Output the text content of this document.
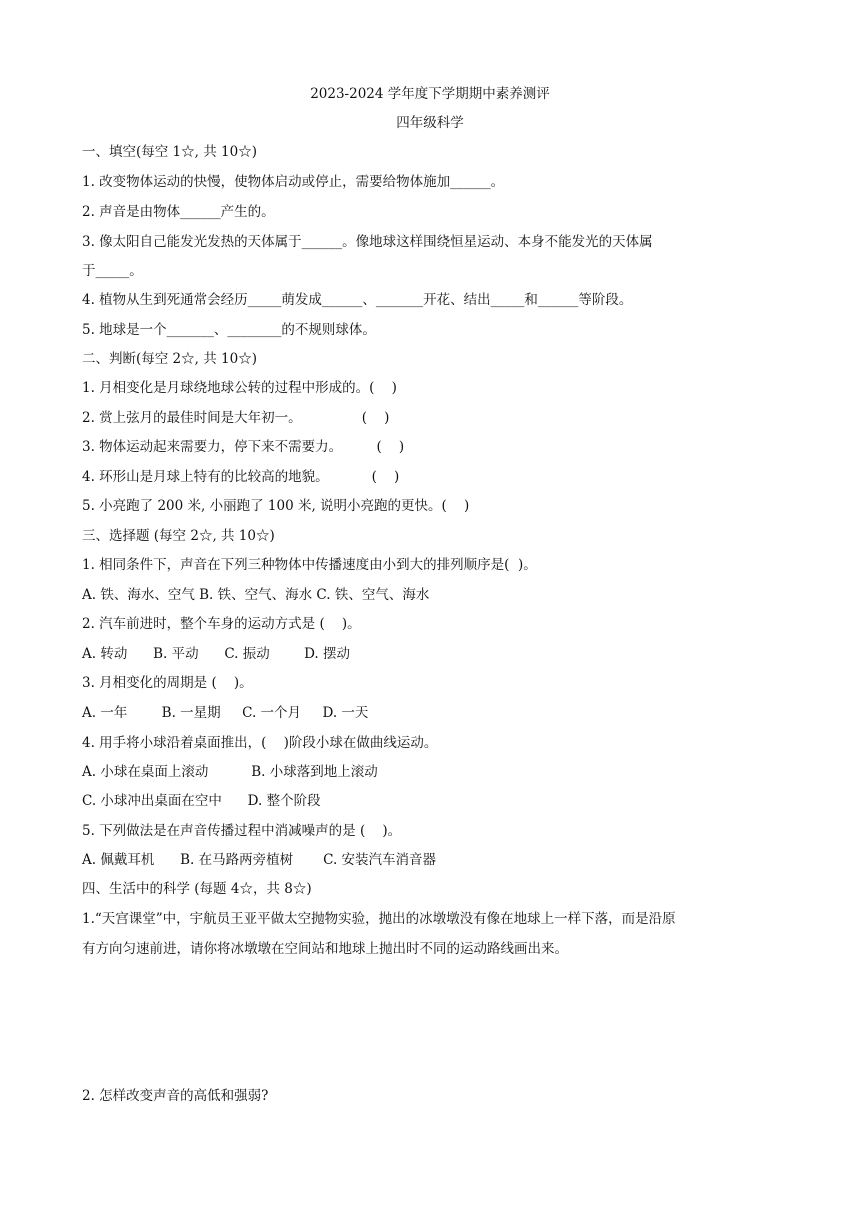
2023-2024 学年度下学期期中素养测评
四年级科学
一、填空(每空 1☆, 共 10☆)
1. 改变物体运动的快慢，使物体启动或停止，需要给物体施加______。
2. 声音是由物体______产生的。
3. 像太阳自己能发光发热的天体属于______。像地球这样围绕恒星运动、本身不能发光的天体属
于_____。
4. 植物从生到死通常会经历_____萌发成______、_______开花、结出_____和______等阶段。
5. 地球是一个_______、________的不规则球体。
二、判断(每空 2☆, 共 10☆)
1. 月相变化是月球绕地球公转的过程中形成的。(    )
2. 赏上弦月的最佳时间是大年初一。              (    )
3. 物体运动起来需要力，停下来不需要力。        (    )
4. 环形山是月球上特有的比较高的地貌。          (    )
5. 小亮跑了 200 米, 小丽跑了 100 米, 说明小亮跑的更快。(    )
三、选择题 (每空 2☆, 共 10☆)
1. 相同条件下，声音在下列三种物体中传播速度由小到大的排列顺序是(  )。
A. 铁、海水、空气 B. 铁、空气、海水 C. 铁、空气、海水
2. 汽车前进时，整个车身的运动方式是 (    )。
A. 转动      B. 平动      C. 振动        D. 摆动
3. 月相变化的周期是 (    )。
A. 一年        B. 一星期     C. 一个月     D. 一天
4. 用手将小球沿着桌面推出，(    )阶段小球在做曲线运动。
A. 小球在桌面上滚动          B. 小球落到地上滚动
C. 小球冲出桌面在空中      D. 整个阶段
5. 下列做法是在声音传播过程中消减噪声的是 (    )。
A. 佩戴耳机      B. 在马路两旁植树       C. 安装汽车消音器
四、生活中的科学 (每题 4☆，共 8☆)
1.“天宫课堂”中，宇航员王亚平做太空抛物实验，抛出的冰墩墩没有像在地球上一样下落，而是沿原
有方向匀速前进，请你将冰墩墩在空间站和地球上抛出时不同的运动路线画出来。
2. 怎样改变声音的高低和强弱?
